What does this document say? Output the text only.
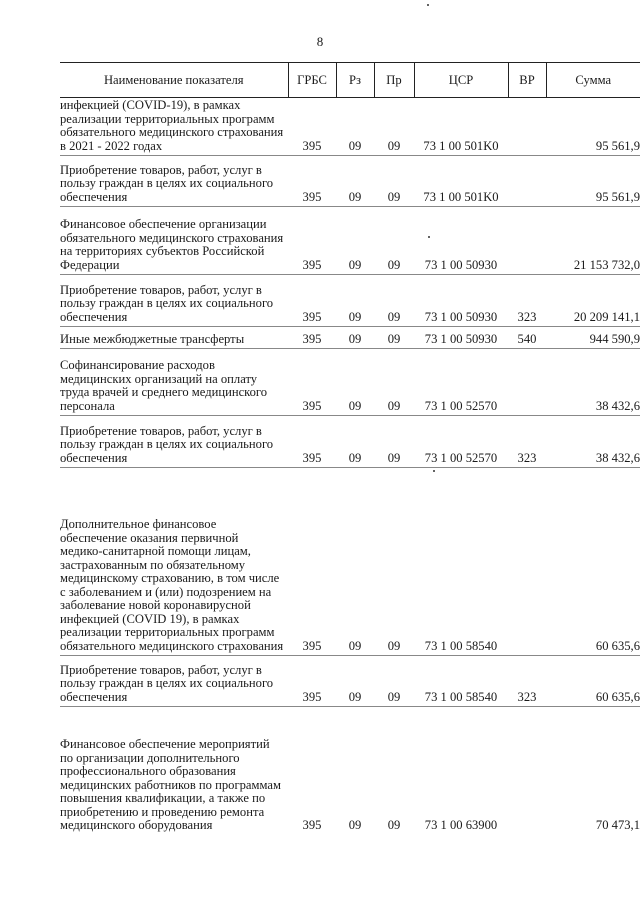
8
Наименование показателя	ГРБС	Рз	Пр	ЦСР	ВР	Сумма
инфекцией (COVID-19), в рамках реализации территориальных программ обязательного медицинского страхования в 2021 - 2022 годах	395	09	09	73 1 00 501K0		95 561,9
Приобретение товаров, работ, услуг в пользу граждан в целях их социального обеспечения	395	09	09	73 1 00 501K0		95 561,9
Финансовое обеспечение организации обязательного медицинского страхования на территориях субъектов Российской Федерации	395	09	09	73 1 00 50930		21 153 732,0
Приобретение товаров, работ, услуг в пользу граждан в целях их социального обеспечения	395	09	09	73 1 00 50930	323	20 209 141,1
Иные межбюджетные трансферты	395	09	09	73 1 00 50930	540	944 590,9
Софинансирование расходов медицинских организаций на оплату труда врачей и среднего медицинского персонала	395	09	09	73 1 00 52570		38 432,6
Приобретение товаров, работ, услуг в пользу граждан в целях их социального обеспечения	395	09	09	73 1 00 52570	323	38 432,6
Дополнительное финансовое обеспечение оказания первичной медико-санитарной помощи лицам, застрахованным по обязательному медицинскому страхованию, в том числе с заболеванием и (или) подозрением на заболевание новой коронавирусной инфекцией (COVID 19), в рамках реализации территориальных программ обязательного медицинского страхования	395	09	09	73 1 00 58540		60 635,6
Приобретение товаров, работ, услуг в пользу граждан в целях их социального обеспечения	395	09	09	73 1 00 58540	323	60 635,6
Финансовое обеспечение мероприятий по организации дополнительного профессионального образования медицинских работников по программам повышения квалификации, а также по приобретению и проведению ремонта медицинского оборудования	395	09	09	73 1 00 63900		70 473,1
